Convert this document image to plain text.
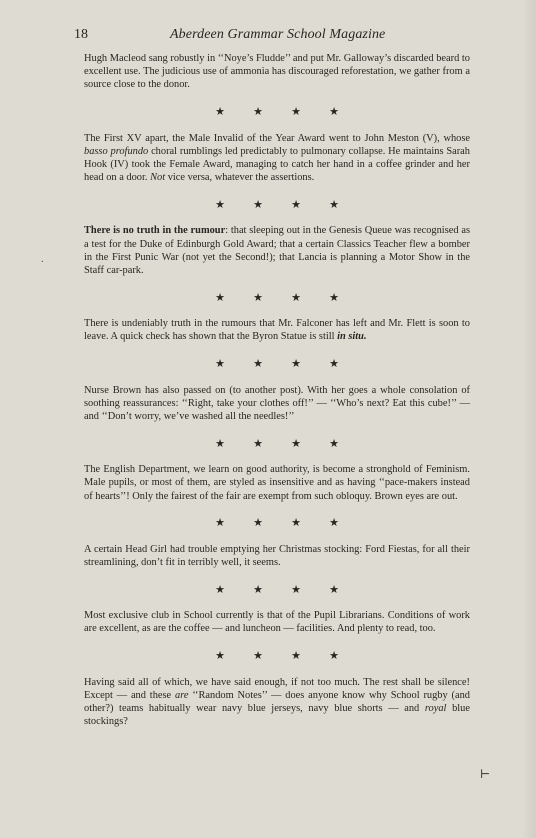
18	Aberdeen Grammar School Magazine

Hugh Macleod sang robustly in ‘‘Noye’s Fludde’’ and put Mr. Galloway’s discarded beard to excellent use. The judicious use of ammonia has discouraged reforestation, we gather from a source close to the donor.

★	★	★	★

The First XV apart, the Male Invalid of the Year Award went to John Meston (V), whose basso profundo choral rumblings led predictably to pulmonary collapse. He maintains Sarah Hook (IV) took the Female Award, managing to catch her hand in a coffee grinder and her head on a door. Not vice versa, whatever the assertions.

★	★	★	★

There is no truth in the rumour: that sleeping out in the Genesis Queue was recognised as a test for the Duke of Edinburgh Gold Award; that a certain Classics Teacher flew a bomber in the First Punic War (not yet the Second!); that Lancia is planning a Motor Show in the Staff car-park.

★	★	★	★

There is undeniably truth in the rumours that Mr. Falconer has left and Mr. Flett is soon to leave. A quick check has shown that the Byron Statue is still in situ.

★	★	★	★

Nurse Brown has also passed on (to another post). With her goes a whole consolation of soothing reassurances: ‘‘Right, take your clothes off!’’ — ‘‘Who’s next? Eat this cube!’’ — and ‘‘Don’t worry, we’ve washed all the needles!’’

★	★	★	★

The English Department, we learn on good authority, is become a stronghold of Feminism. Male pupils, or most of them, are styled as insensitive and as having ‘‘pace-makers instead of hearts’’! Only the fairest of the fair are exempt from such obloquy. Brown eyes are out.

★	★	★	★

A certain Head Girl had trouble emptying her Christmas stocking: Ford Fiestas, for all their streamlining, don’t fit in terribly well, it seems.

★	★	★	★

Most exclusive club in School currently is that of the Pupil Librarians. Conditions of work are excellent, as are the coffee — and luncheon — facilities. And plenty to read, too.

★	★	★	★

Having said all of which, we have said enough, if not too much. The rest shall be silence! Except — and these are ‘‘Random Notes’’ — does anyone know why School rugby (and other?) teams habitually wear navy blue jerseys, navy blue shorts — and royal blue stockings?

.
⊢
